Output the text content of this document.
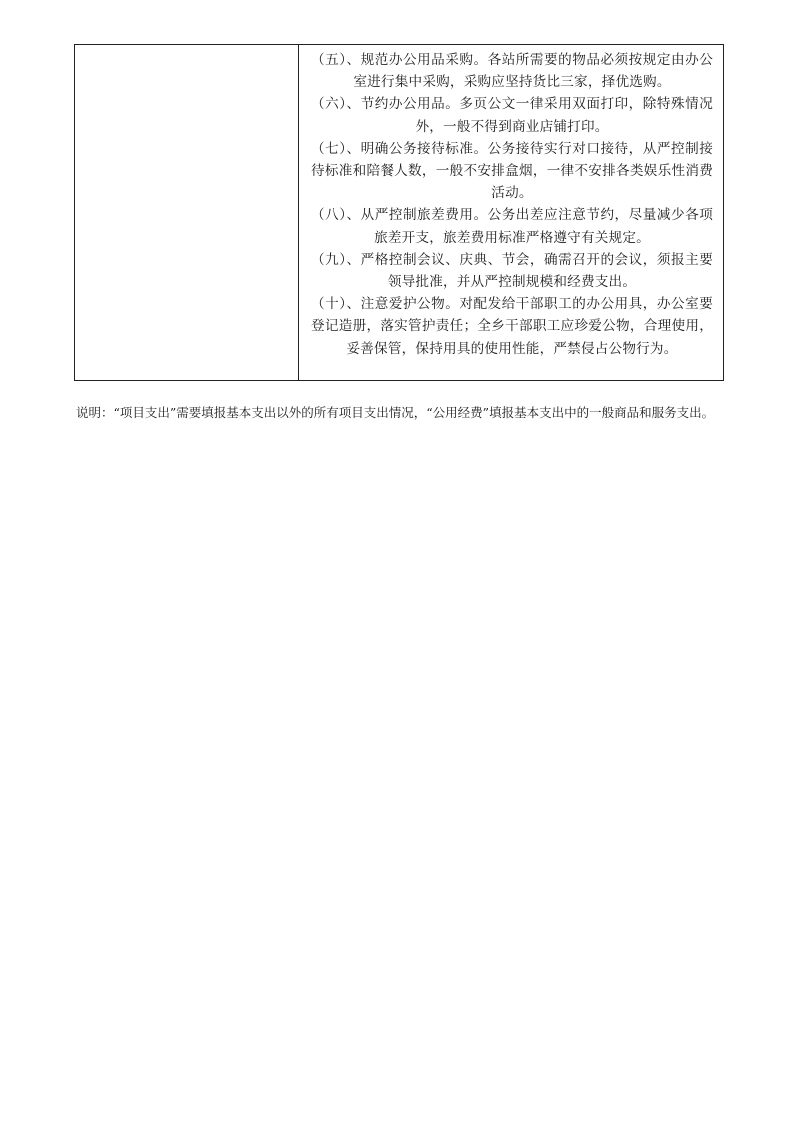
（五）、规范办公用品采购。各站所需要的物品必须按规定由办公室进行集中采购，采购应坚持货比三家，择优选购。

（六）、节约办公用品。多页公文一律采用双面打印，除特殊情况外，一般不得到商业店铺打印。

（七）、明确公务接待标准。公务接待实行对口接待，从严控制接待标准和陪餐人数，一般不安排盒烟，一律不安排各类娱乐性消费活动。

（八）、从严控制旅差费用。公务出差应注意节约，尽量减少各项旅差开支，旅差费用标准严格遵守有关规定。

（九）、严格控制会议、庆典、节会，确需召开的会议，须报主要领导批准，并从严控制规模和经费支出。

（十）、注意爱护公物。对配发给干部职工的办公用具，办公室要登记造册，落实管护责任；全乡干部职工应珍爱公物，合理使用，妥善保管，保持用具的使用性能，严禁侵占公物行为。

说明：“项目支出”需要填报基本支出以外的所有项目支出情况，“公用经费”填报基本支出中的一般商品和服务支出。
